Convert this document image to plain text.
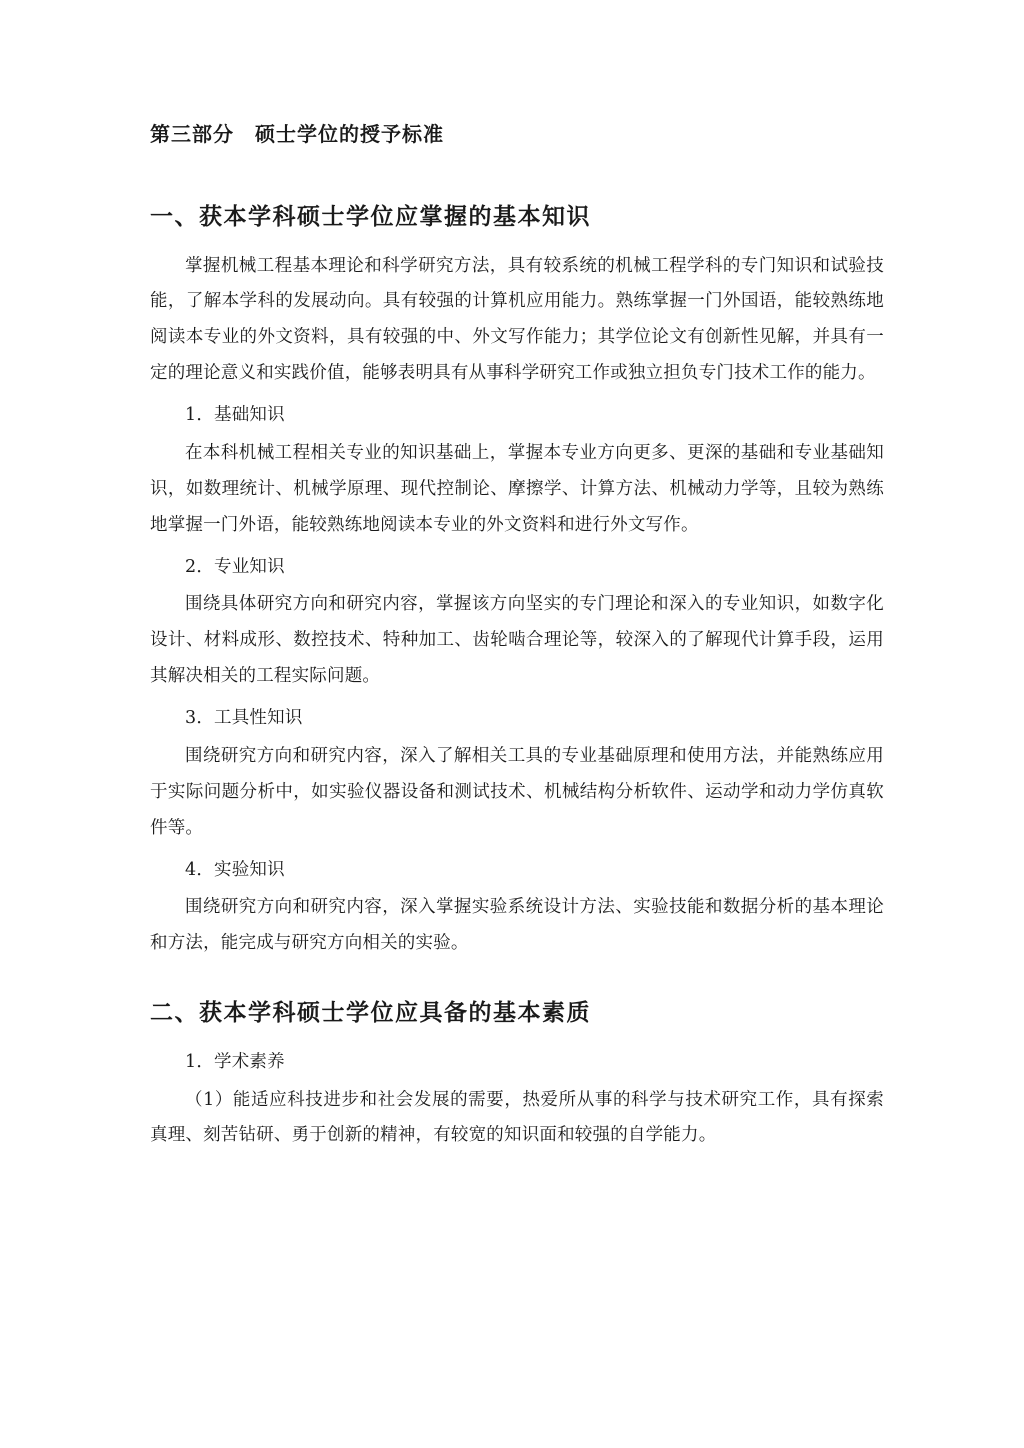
第三部分　硕士学位的授予标准
一、获本学科硕士学位应掌握的基本知识

掌握机械工程基本理论和科学研究方法，具有较系统的机械工程学科的专门知识和试验技能，了解本学科的发展动向。具有较强的计算机应用能力。熟练掌握一门外国语，能较熟练地阅读本专业的外文资料，具有较强的中、外文写作能力；其学位论文有创新性见解，并具有一定的理论意义和实践价值，能够表明具有从事科学研究工作或独立担负专门技术工作的能力。

1．基础知识

在本科机械工程相关专业的知识基础上，掌握本专业方向更多、更深的基础和专业基础知识，如数理统计、机械学原理、现代控制论、摩擦学、计算方法、机械动力学等，且较为熟练地掌握一门外语，能较熟练地阅读本专业的外文资料和进行外文写作。

2．专业知识

围绕具体研究方向和研究内容，掌握该方向坚实的专门理论和深入的专业知识，如数字化设计、材料成形、数控技术、特种加工、齿轮啮合理论等，较深入的了解现代计算手段，运用其解决相关的工程实际问题。

3．工具性知识

围绕研究方向和研究内容，深入了解相关工具的专业基础原理和使用方法，并能熟练应用于实际问题分析中，如实验仪器设备和测试技术、机械结构分析软件、运动学和动力学仿真软件等。

4．实验知识

围绕研究方向和研究内容，深入掌握实验系统设计方法、实验技能和数据分析的基本理论和方法，能完成与研究方向相关的实验。

二、获本学科硕士学位应具备的基本素质

1．学术素养

（1）能适应科技进步和社会发展的需要，热爱所从事的科学与技术研究工作，具有探索真理、刻苦钻研、勇于创新的精神，有较宽的知识面和较强的自学能力。
